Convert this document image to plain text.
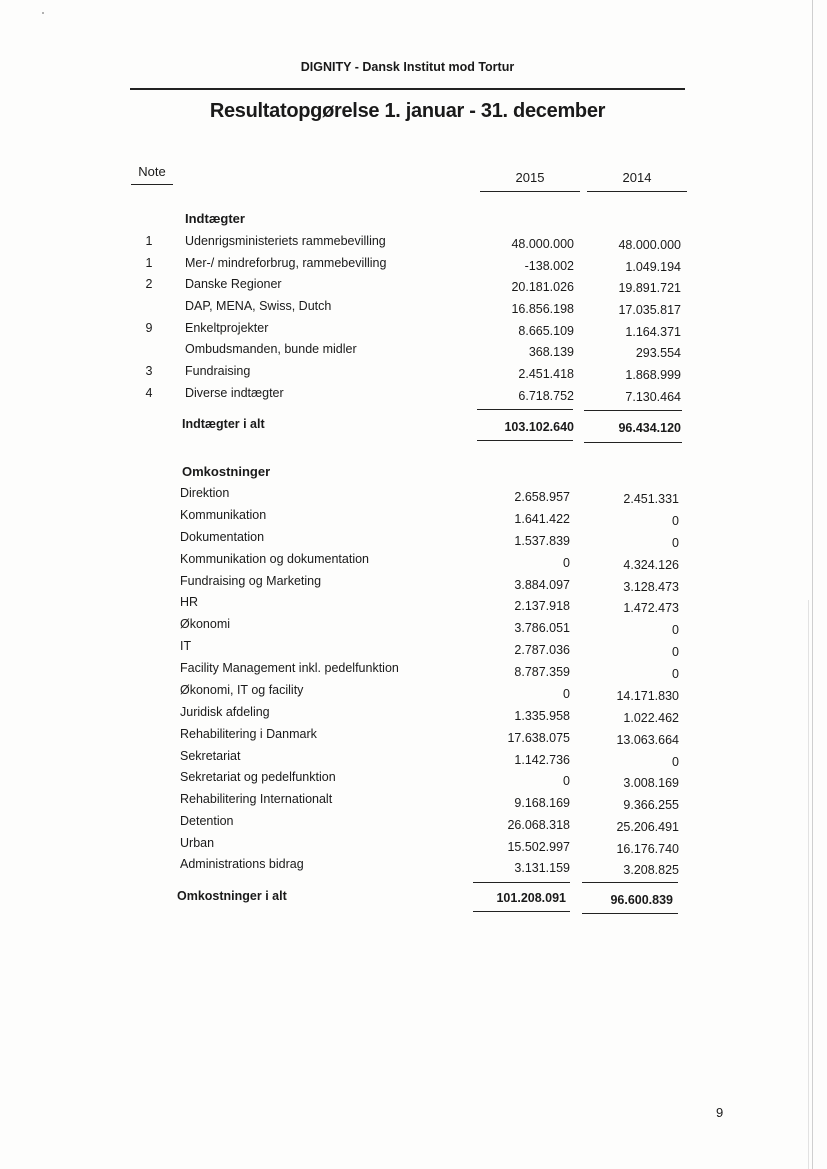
DIGNITY - Dansk Institut mod Tortur
Resultatopgørelse 1. januar - 31. december
Note	2015	2014
Indtægter
1	Udenrigsministeriets rammebevilling	48.000.000	48.000.000
1	Mer-/ mindreforbrug, rammebevilling	-138.002	1.049.194
2	Danske Regioner	20.181.026	19.891.721
DAP, MENA, Swiss, Dutch	16.856.198	17.035.817
9	Enkeltprojekter	8.665.109	1.164.371
Ombudsmanden, bunde midler	368.139	293.554
3	Fundraising	2.451.418	1.868.999
4	Diverse indtægter	6.718.752	7.130.464
Indtægter i alt	103.102.640	96.434.120
Omkostninger
Direktion	2.658.957	2.451.331
Kommunikation	1.641.422	0
Dokumentation	1.537.839	0
Kommunikation og dokumentation	0	4.324.126
Fundraising og Marketing	3.884.097	3.128.473
HR	2.137.918	1.472.473
Økonomi	3.786.051	0
IT	2.787.036	0
Facility Management inkl. pedelfunktion	8.787.359	0
Økonomi, IT og facility	0	14.171.830
Juridisk afdeling	1.335.958	1.022.462
Rehabilitering i Danmark	17.638.075	13.063.664
Sekretariat	1.142.736	0
Sekretariat og pedelfunktion	0	3.008.169
Rehabilitering Internationalt	9.168.169	9.366.255
Detention	26.068.318	25.206.491
Urban	15.502.997	16.176.740
Administrations bidrag	3.131.159	3.208.825
Omkostninger i alt	101.208.091	96.600.839
9
